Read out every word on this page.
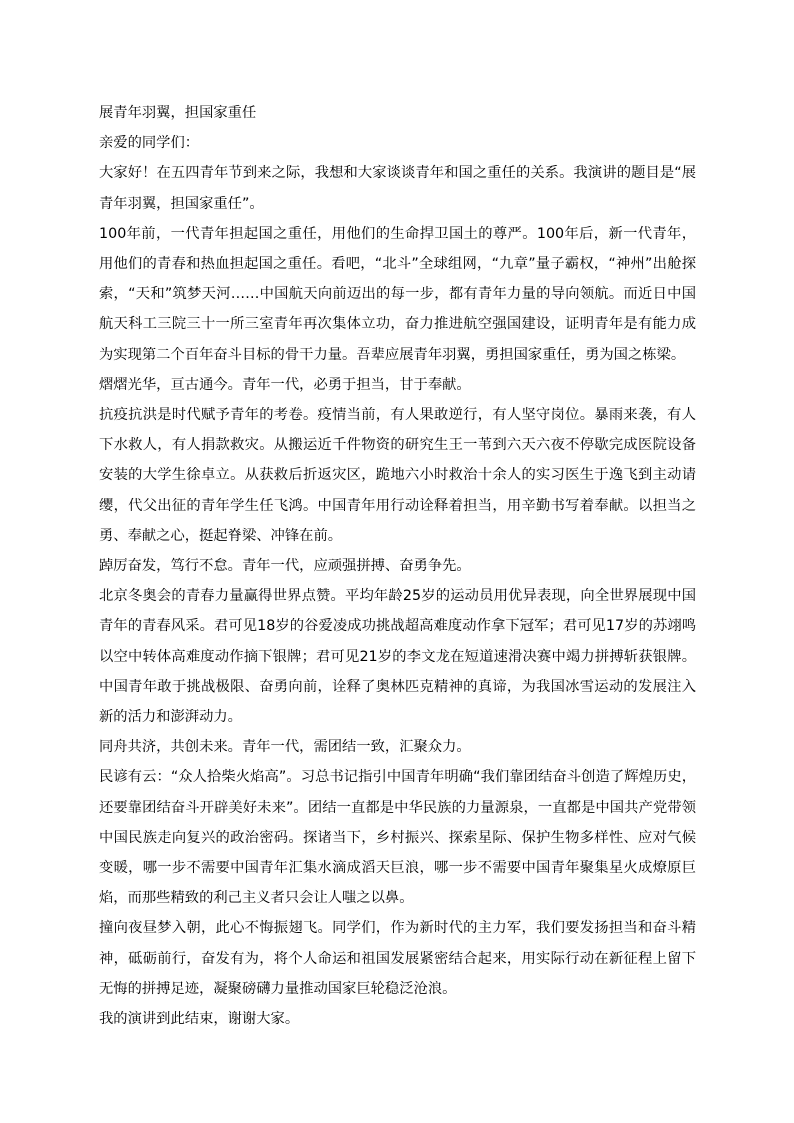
展青年羽翼，担国家重任

亲爱的同学们：

大家好！在五四青年节到来之际，我想和大家谈谈青年和国之重任的关系。我演讲的题目是“展青年羽翼，担国家重任”。

100年前，一代青年担起国之重任，用他们的生命捍卫国土的尊严。100年后，新一代青年，用他们的青春和热血担起国之重任。看吧，“北斗”全球组网，“九章”量子霸权，“神州”出舱探索，“天和”筑梦天河……中国航天向前迈出的每一步，都有青年力量的导向领航。而近日中国航天科工三院三十一所三室青年再次集体立功，奋力推进航空强国建设，证明青年是有能力成为实现第二个百年奋斗目标的骨干力量。吾辈应展青年羽翼，勇担国家重任，勇为国之栋梁。

熠熠光华，亘古通今。青年一代，必勇于担当，甘于奉献。

抗疫抗洪是时代赋予青年的考卷。疫情当前，有人果敢逆行，有人坚守岗位。暴雨来袭，有人下水救人，有人捐款救灾。从搬运近千件物资的研究生王一苇到六天六夜不停歇完成医院设备安装的大学生徐卓立。从获救后折返灾区，跪地六小时救治十余人的实习医生于逸飞到主动请缨，代父出征的青年学生任飞鸿。中国青年用行动诠释着担当，用辛勤书写着奉献。以担当之勇、奉献之心，挺起脊梁、冲锋在前。

踔厉奋发，笃行不怠。青年一代，应顽强拼搏、奋勇争先。

北京冬奥会的青春力量赢得世界点赞。平均年龄25岁的运动员用优异表现，向全世界展现中国青年的青春风采。君可见18岁的谷爱凌成功挑战超高难度动作拿下冠军；君可见17岁的苏翊鸣以空中转体高难度动作摘下银牌；君可见21岁的李文龙在短道速滑决赛中竭力拼搏斩获银牌。中国青年敢于挑战极限、奋勇向前，诠释了奥林匹克精神的真谛，为我国冰雪运动的发展注入新的活力和澎湃动力。

同舟共济，共创未来。青年一代，需团结一致，汇聚众力。

民谚有云：“众人拾柴火焰高”。习总书记指引中国青年明确“我们靠团结奋斗创造了辉煌历史，还要靠团结奋斗开辟美好未来”。团结一直都是中华民族的力量源泉，一直都是中国共产党带领中国民族走向复兴的政治密码。探诸当下，乡村振兴、探索星际、保护生物多样性、应对气候变暖，哪一步不需要中国青年汇集水滴成滔天巨浪，哪一步不需要中国青年聚集星火成燎原巨焰，而那些精致的利己主义者只会让人嗤之以鼻。

撞向夜昼梦入朝，此心不悔振翅飞。同学们，作为新时代的主力军，我们要发扬担当和奋斗精神，砥砺前行，奋发有为，将个人命运和祖国发展紧密结合起来，用实际行动在新征程上留下无悔的拼搏足迹，凝聚磅礴力量推动国家巨轮稳泛沧浪。

我的演讲到此结束，谢谢大家。
